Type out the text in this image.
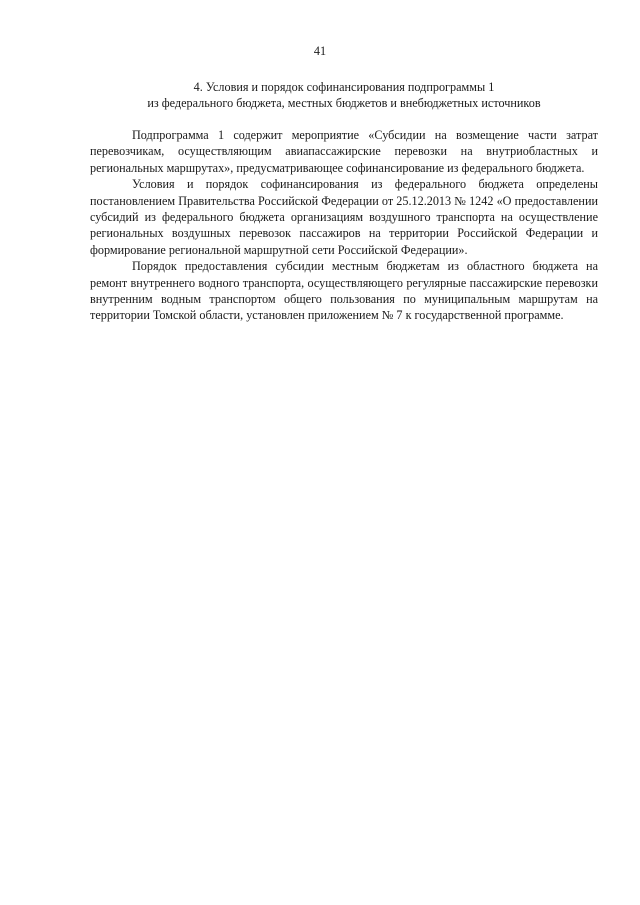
41
4. Условия и порядок софинансирования подпрограммы 1
из федерального бюджета, местных бюджетов и внебюджетных источников

Подпрограмма 1 содержит мероприятие «Субсидии на возмещение части затрат перевозчикам, осуществляющим авиапассажирские перевозки на внутриобластных и региональных маршрутах», предусматривающее софинансирование из федерального бюджета.

Условия и порядок софинансирования из федерального бюджета определены постановлением Правительства Российской Федерации от 25.12.2013 № 1242 «О предоставлении субсидий из федерального бюджета организациям воздушного транспорта на осуществление региональных воздушных перевозок пассажиров на территории Российской Федерации и формирование региональной маршрутной сети Российской Федерации».

Порядок предоставления субсидии местным бюджетам из областного бюджета на ремонт внутреннего водного транспорта, осуществляющего регулярные пассажирские перевозки внутренним водным транспортом общего пользования по муниципальным маршрутам на территории Томской области, установлен приложением № 7 к государственной программе.
